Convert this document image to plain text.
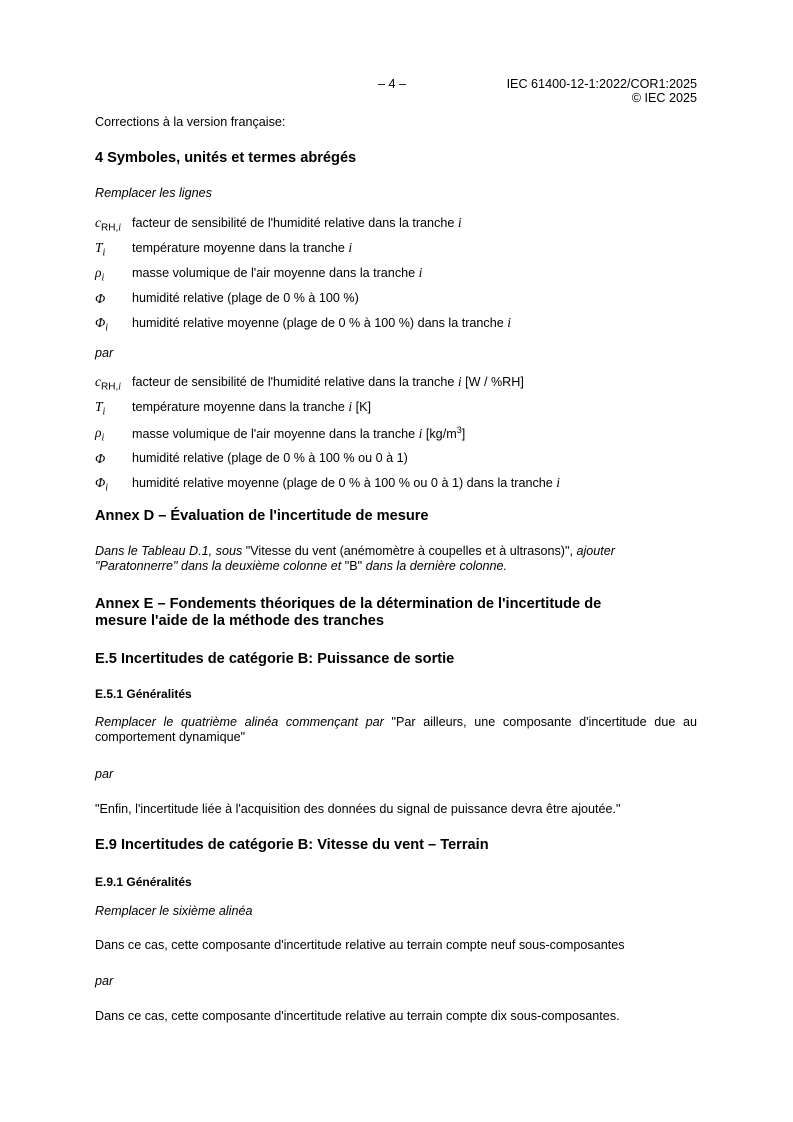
– 4 –	IEC 61400-12-1:2022/COR1:2025
© IEC 2025
Corrections à la version française:
4 Symboles, unités et termes abrégés
Remplacer les lignes
$c_{RH,i}$ facteur de sensibilité de l'humidité relative dans la tranche i
$T_i$ température moyenne dans la tranche i
$\rho_i$ masse volumique de l'air moyenne dans la tranche i
Φ humidité relative (plage de 0 % à 100 %)
$\Phi_i$ humidité relative moyenne (plage de 0 % à 100 %) dans la tranche i
par
$c_{RH,i}$ facteur de sensibilité de l'humidité relative dans la tranche i [W / %RH]
$T_i$ température moyenne dans la tranche i [K]
$\rho_i$ masse volumique de l'air moyenne dans la tranche i $[kg/m^3]$
Φ humidité relative (plage de 0 % à 100 % ou 0 à 1)
$\Phi_i$ humidité relative moyenne (plage de 0 % à 100 % ou 0 à 1) dans la tranche i
Annex D – Évaluation de l'incertitude de mesure
Dans le Tableau D.1, sous "Vitesse du vent (anémomètre à coupelles et à ultrasons)", ajouter "Paratonnerre" dans la deuxième colonne et "B" dans la dernière colonne.
Annex E – Fondements théoriques de la détermination de l'incertitude de
mesure l'aide de la méthode des tranches
E.5 Incertitudes de catégorie B: Puissance de sortie
E.5.1 Généralités
Remplacer le quatrième alinéa commençant par "Par ailleurs, une composante d'incertitude due au comportement dynamique"
par
"Enfin, l'incertitude liée à l'acquisition des données du signal de puissance devra être ajoutée."
E.9 Incertitudes de catégorie B: Vitesse du vent – Terrain
E.9.1 Généralités
Remplacer le sixième alinéa
Dans ce cas, cette composante d'incertitude relative au terrain compte neuf sous-composantes
par
Dans ce cas, cette composante d'incertitude relative au terrain compte dix sous-composantes.
